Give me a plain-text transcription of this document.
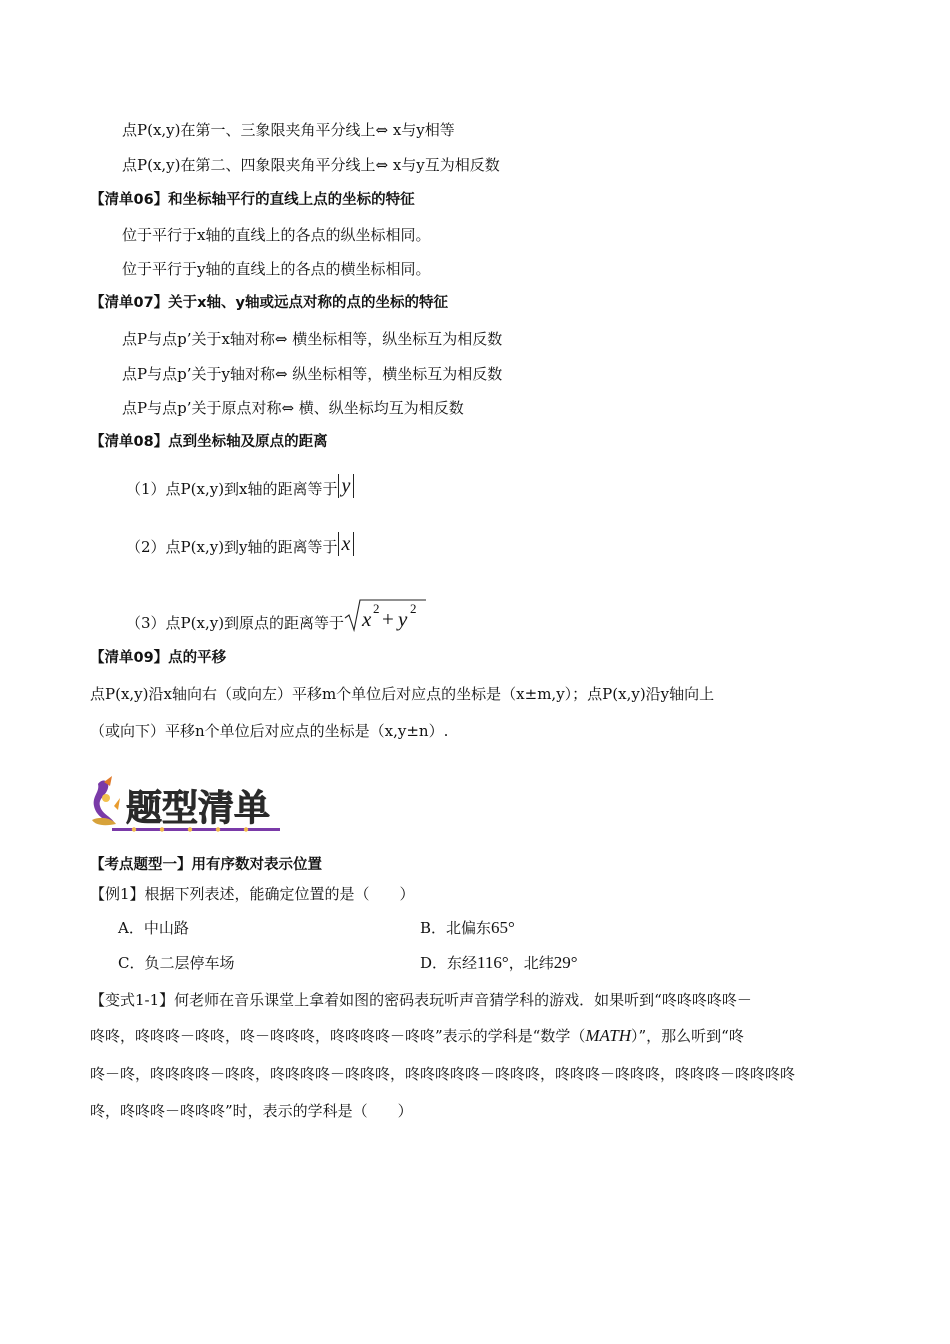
点P(x,y)在第一、三象限夹角平分线上⇔ x与y相等
点P(x,y)在第二、四象限夹角平分线上⇔ x与y互为相反数
【清单06】和坐标轴平行的直线上点的坐标的特征
位于平行于x轴的直线上的各点的纵坐标相同。
位于平行于y轴的直线上的各点的横坐标相同。
【清单07】关于x轴、y轴或远点对称的点的坐标的特征
点P与点p’关于x轴对称⇔ 横坐标相等，纵坐标互为相反数
点P与点p’关于y轴对称⇔ 纵坐标相等，横坐标互为相反数
点P与点p’关于原点对称⇔ 横、纵坐标均互为相反数
【清单08】点到坐标轴及原点的距离
（1）点P(x,y)到x轴的距离等于 y
（2）点P(x,y)到y轴的距离等于 x
（3）点P(x,y)到原点的距离等于 x 2 + y 2
【清单09】点的平移
点P(x,y)沿x轴向右（或向左）平移m个单位后对应点的坐标是（x±m,y）；点P(x,y)沿y轴向上
（或向下）平移n个单位后对应点的坐标是（x,y±n）.
题型清单
【考点题型一】用有序数对表示位置
【例1】根据下列表述，能确定位置的是（　　）
A．中山路	B．北偏东65°
C．负二层停车场	D．东经116°，北纬29°
【变式1-1】何老师在音乐课堂上拿着如图的密码表玩听声音猜学科的游戏．如果听到“咚咚咚咚咚－
咚咚，咚咚咚－咚咚，咚－咚咚咚，咚咚咚咚－咚咚”表示的学科是“数学（MATH）”，那么听到“咚
咚－咚，咚咚咚咚－咚咚，咚咚咚咚－咚咚咚，咚咚咚咚咚－咚咚咚，咚咚咚－咚咚咚，咚咚咚－咚咚咚咚
咚，咚咚咚－咚咚咚”时，表示的学科是（　　）
